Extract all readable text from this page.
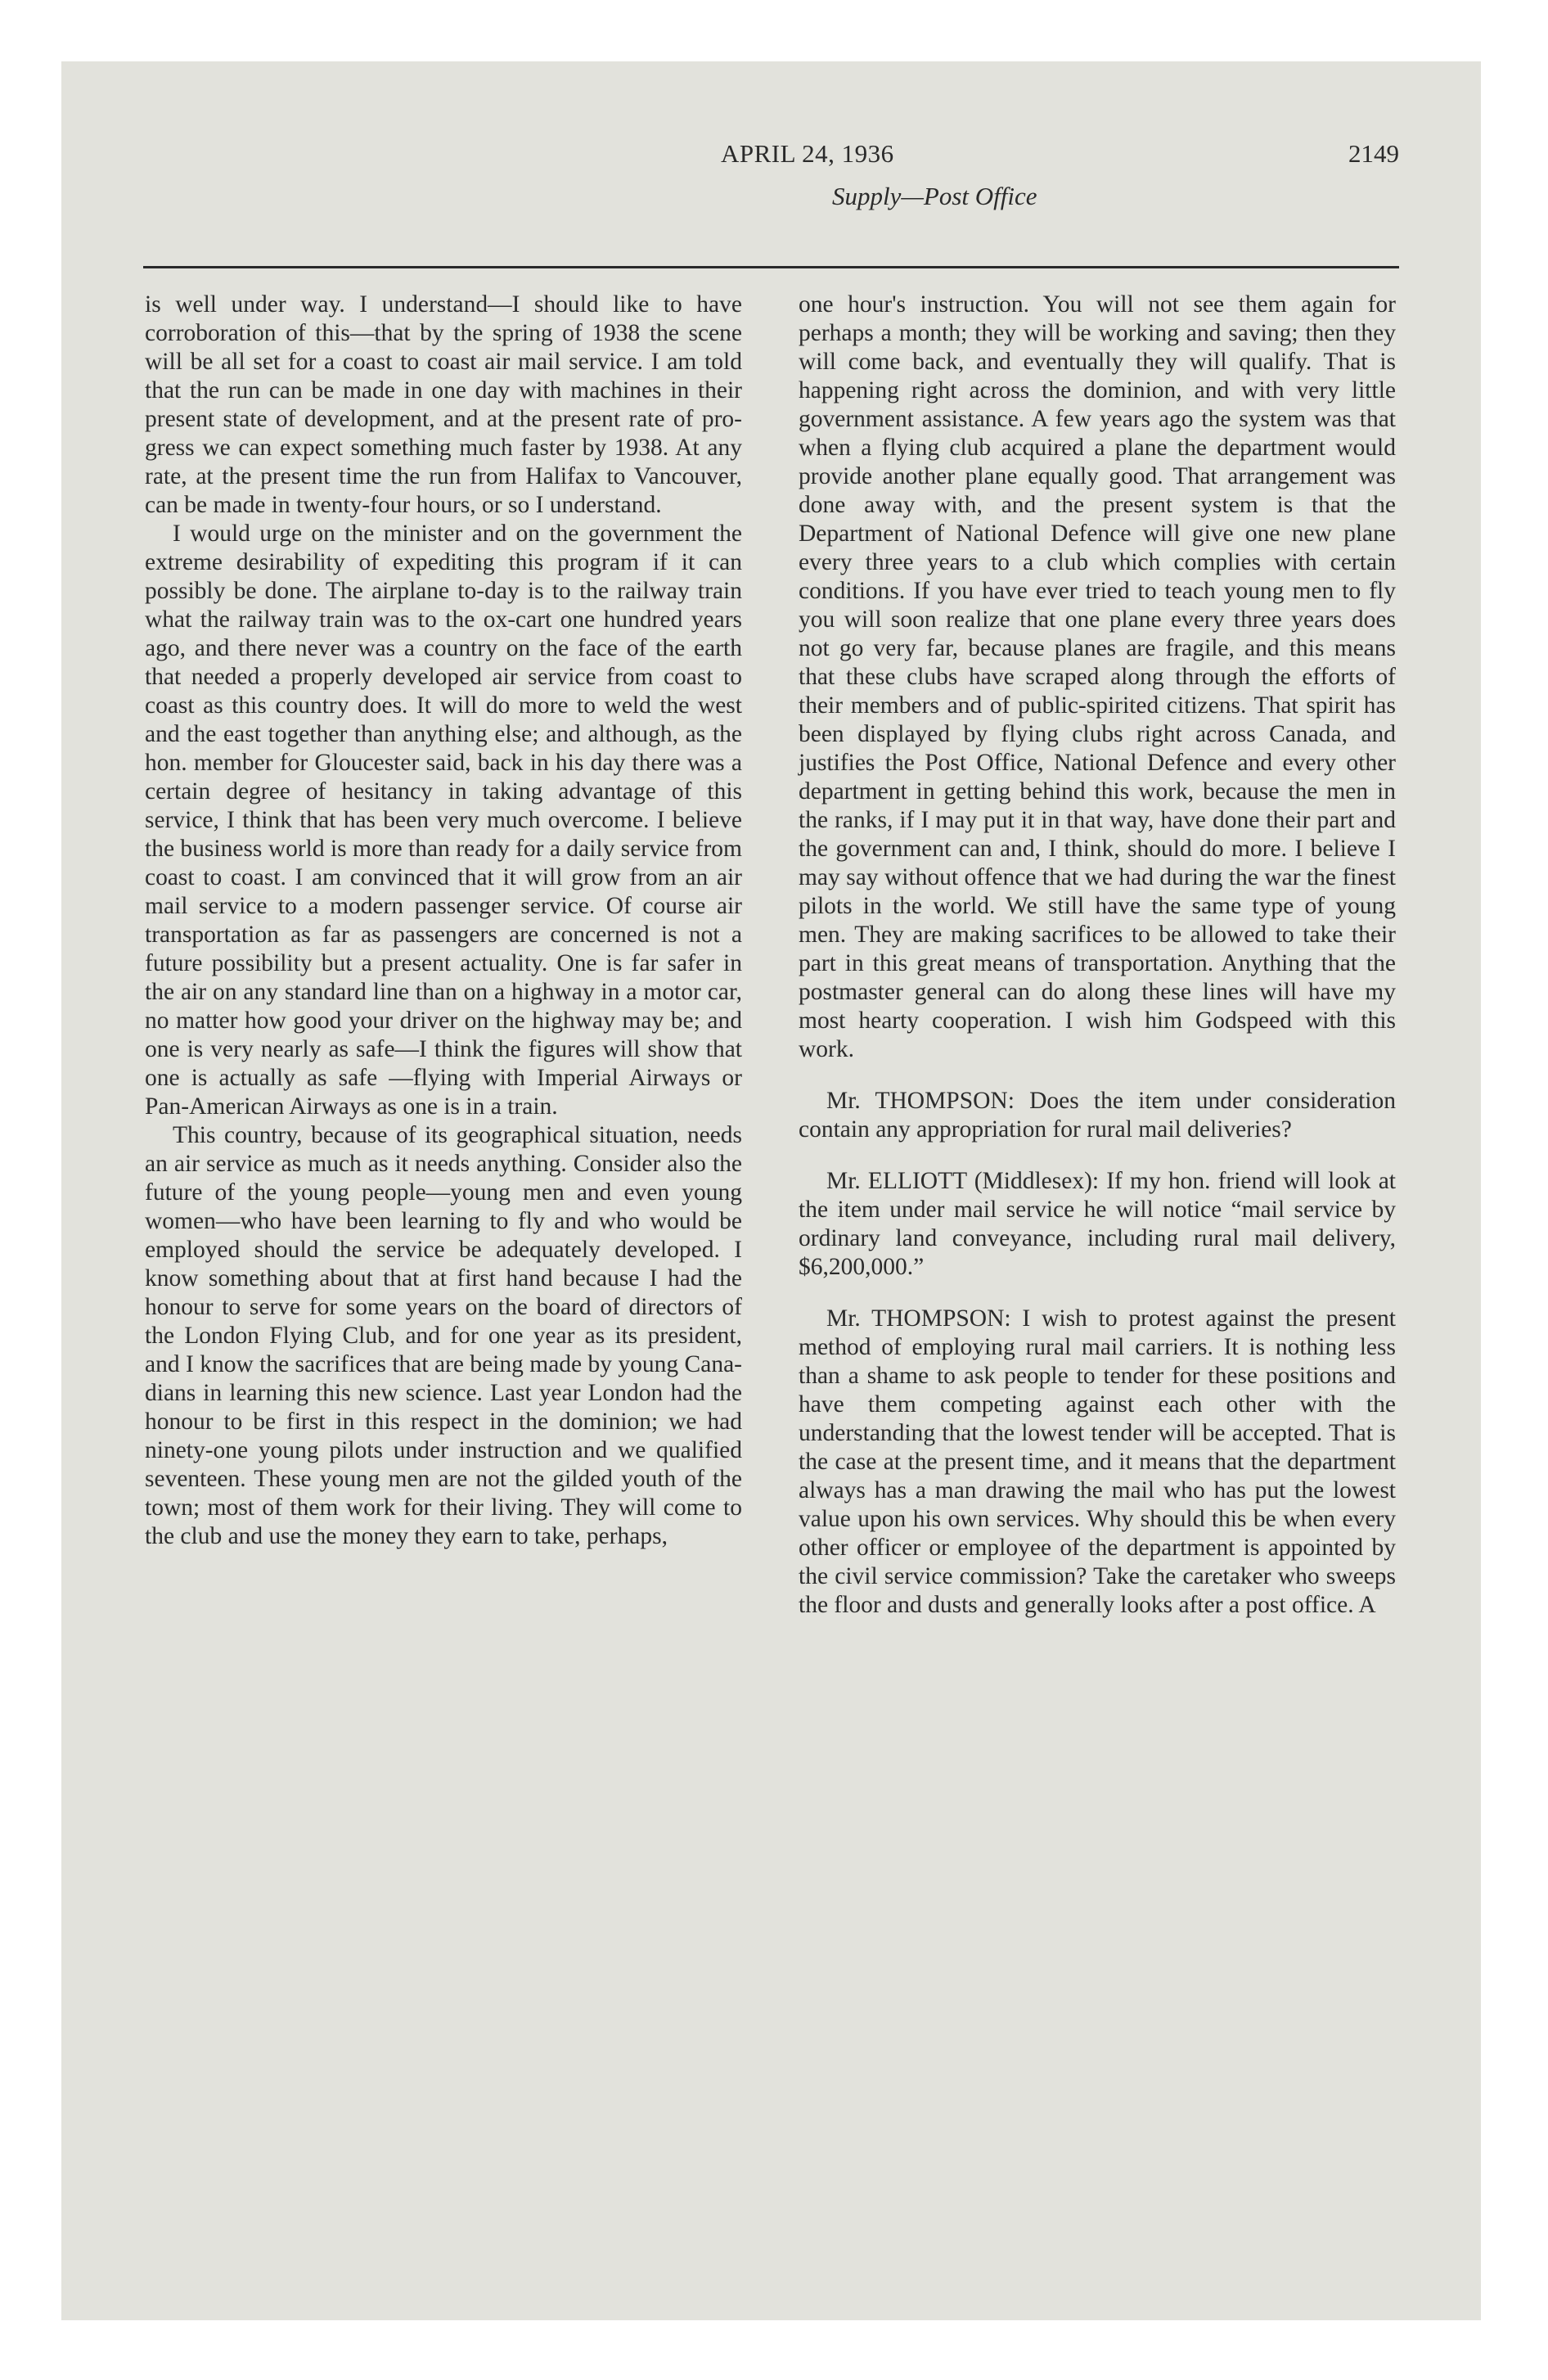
APRIL 24, 1936	2149
Supply—Post Office

is well under way. I understand—I should like to have corroboration of this—that by the spring of 1938 the scene will be all set for a coast to coast air mail service. I am told that the run can be made in one day with machines in their present state of development, and at the present rate of progress we can expect something much faster by 1938. At any rate, at the present time the run from Halifax to Vancouver, can be made in twenty-four hours, or so I understand.

I would urge on the minister and on the government the extreme desirability of expediting this program if it can possibly be done. The airplane to-day is to the railway train what the railway train was to the ox-cart one hundred years ago, and there never was a country on the face of the earth that needed a properly developed air service from coast to coast as this country does. It will do more to weld the west and the east together than anything else; and although, as the hon. member for Gloucester said, back in his day there was a certain degree of hesitancy in taking advantage of this service, I think that has been very much overcome. I believe the business world is more than ready for a daily service from coast to coast. I am convinced that it will grow from an air mail service to a modern passenger service. Of course air transportation as far as passengers are concerned is not a future possibility but a present actuality. One is far safer in the air on any standard line than on a highway in a motor car, no matter how good your driver on the highway may be; and one is very nearly as safe—I think the figures will show that one is actually as safe —flying with Imperial Airways or Pan-American Airways as one is in a train.

This country, because of its geographical situation, needs an air service as much as it needs anything. Consider also the future of the young people—young men and even young women—who have been learning to fly and who would be employed should the service be adequately developed. I know something about that at first hand because I had the honour to serve for some years on the board of directors of the London Flying Club, and for one year as its president, and I know the sacrifices that are being made by young Canadians in learning this new science. Last year London had the honour to be first in this respect in the dominion; we had ninety-one young pilots under instruction and we qualified seventeen. These young men are not the gilded youth of the town; most of them work for their living. They will come to the club and use the money they earn to take, perhaps,

one hour's instruction. You will not see them again for perhaps a month; they will be working and saving; then they will come back, and eventually they will qualify. That is happening right across the dominion, and with very little government assistance. A few years ago the system was that when a flying club acquired a plane the department would provide another plane equally good. That arrangement was done away with, and the present system is that the Department of National Defence will give one new plane every three years to a club which complies with certain conditions. If you have ever tried to teach young men to fly you will soon realize that one plane every three years does not go very far, because planes are fragile, and this means that these clubs have scraped along through the efforts of their members and of public-spirited citizens. That spirit has been displayed by flying clubs right across Canada, and justifies the Post Office, National Defence and every other department in getting behind this work, because the men in the ranks, if I may put it in that way, have done their part and the government can and, I think, should do more. I believe I may say without offence that we had during the war the finest pilots in the world. We still have the same type of young men. They are making sacrifices to be allowed to take their part in this great means of transportation. Anything that the postmaster general can do along these lines will have my most hearty cooperation. I wish him Godspeed with this work.

Mr. THOMPSON: Does the item under consideration contain any appropriation for rural mail deliveries?

Mr. ELLIOTT (Middlesex): If my hon. friend will look at the item under mail service he will notice “mail service by ordinary land conveyance, including rural mail delivery, $6,200,000.”

Mr. THOMPSON: I wish to protest against the present method of employing rural mail carriers. It is nothing less than a shame to ask people to tender for these positions and have them competing against each other with the understanding that the lowest tender will be accepted. That is the case at the present time, and it means that the department always has a man drawing the mail who has put the lowest value upon his own services. Why should this be when every other officer or employee of the department is appointed by the civil service commission? Take the caretaker who sweeps the floor and dusts and generally looks after a post office. A
